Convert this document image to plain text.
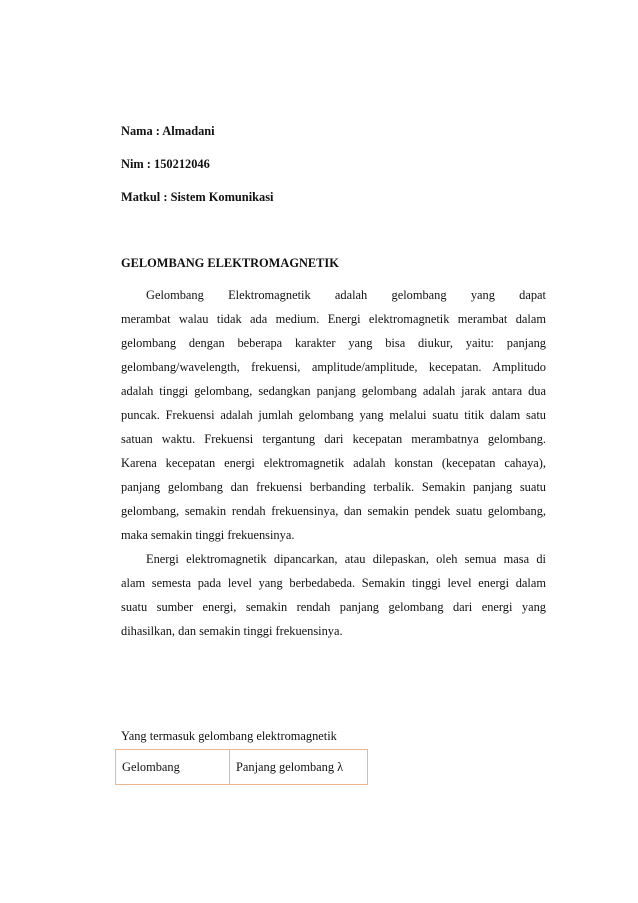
Nama : Almadani
Nim : 150212046
Matkul : Sistem Komunikasi
GELOMBANG ELEKTROMAGNETIK
Gelombang Elektromagnetik adalah gelombang yang dapat
merambat walau tidak ada medium. Energi elektromagnetik merambat dalam
gelombang dengan beberapa karakter yang bisa diukur, yaitu: panjang
gelombang/wavelength, frekuensi, amplitude/amplitude, kecepatan. Amplitudo
adalah tinggi gelombang, sedangkan panjang gelombang adalah jarak antara dua
puncak. Frekuensi adalah jumlah gelombang yang melalui suatu titik dalam satu
satuan waktu. Frekuensi tergantung dari kecepatan merambatnya gelombang.
Karena kecepatan energi elektromagnetik adalah konstan (kecepatan cahaya),
panjang gelombang dan frekuensi berbanding terbalik. Semakin panjang suatu
gelombang, semakin rendah frekuensinya, dan semakin pendek suatu gelombang,
maka semakin tinggi frekuensinya.
Energi elektromagnetik dipancarkan, atau dilepaskan, oleh semua masa di
alam semesta pada level yang berbedabeda. Semakin tinggi level energi dalam
suatu sumber energi, semakin rendah panjang gelombang dari energi yang
dihasilkan, dan semakin tinggi frekuensinya.
Yang termasuk gelombang elektromagnetik
Gelombang	Panjang gelombang λ
